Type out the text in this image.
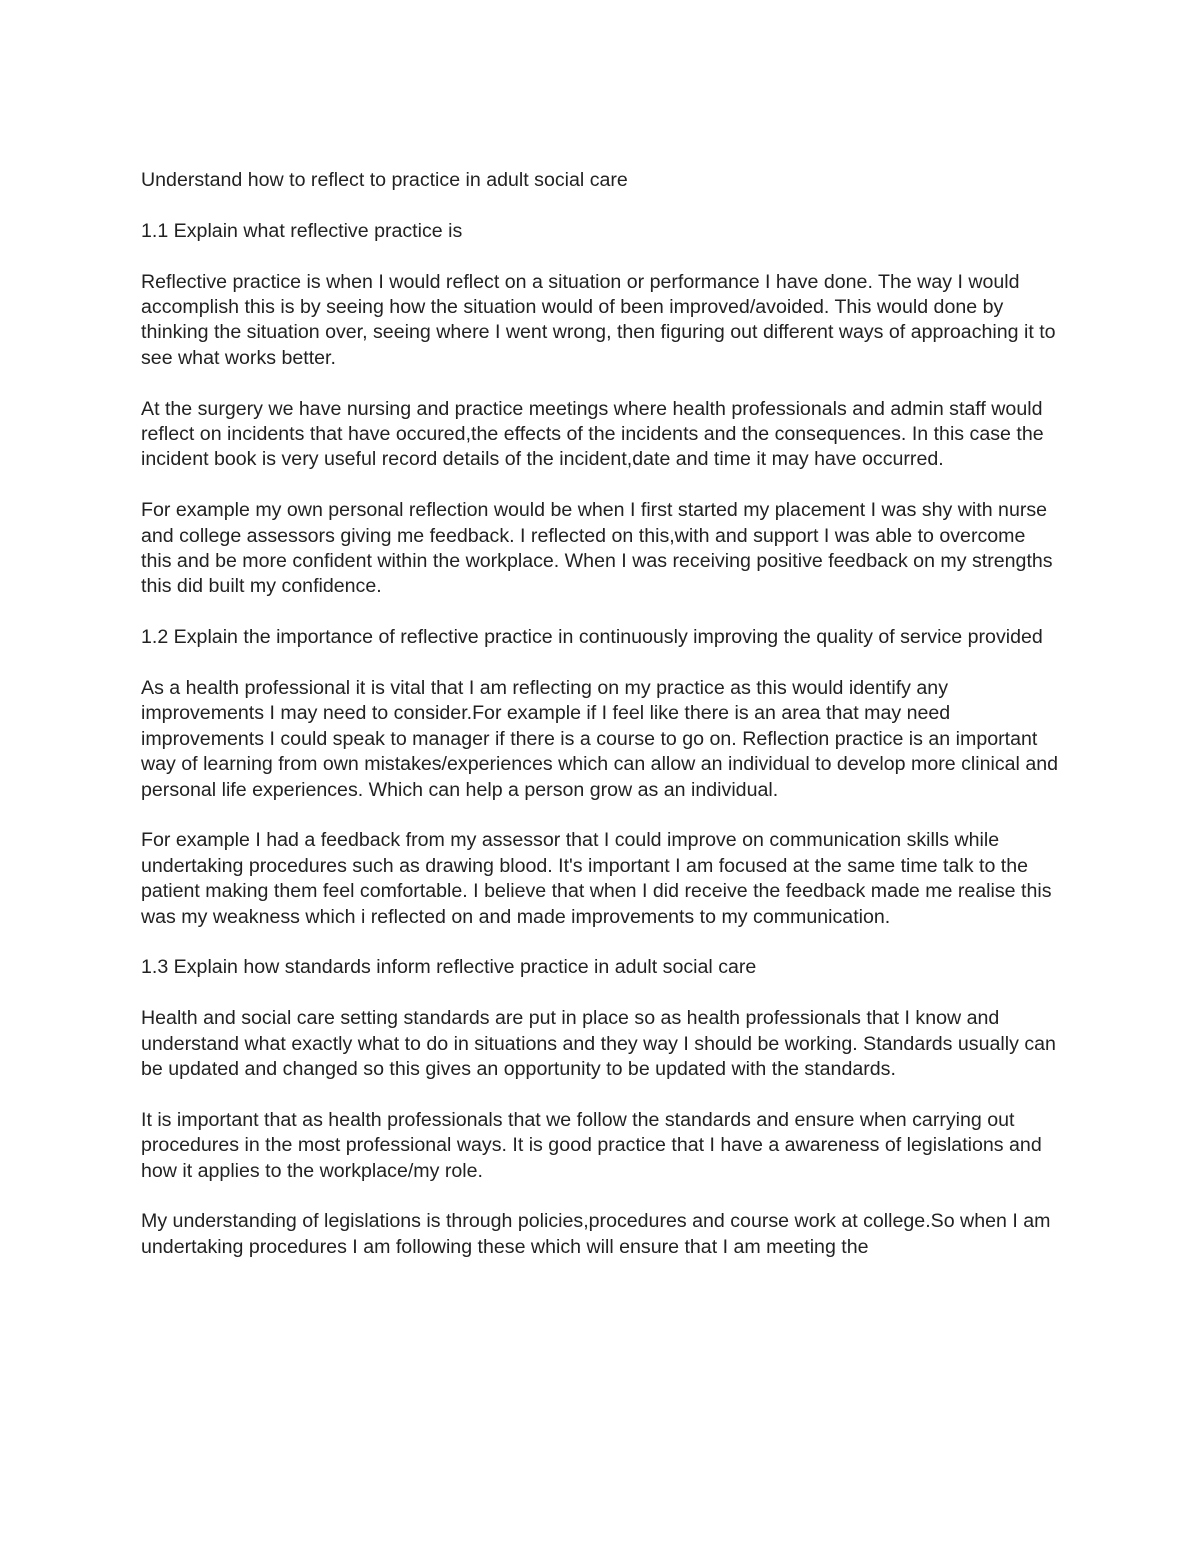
Understand how to reflect to practice in adult social care

1.1 Explain what reflective practice is

Reflective practice is when I would reflect on a situation or performance I have done. The way I would accomplish this is by seeing how the situation would of been improved/avoided. This would done by thinking the situation over, seeing where I went wrong, then figuring out different ways of approaching it to see what works better.

At the surgery we have nursing and practice meetings where health professionals and admin staff would reflect on incidents that have occured,the effects of the incidents and the consequences. In this case the incident book is very useful record details of the incident,date and time it may have occurred.

For example my own personal reflection would be when I first started my placement I was shy with nurse and college assessors giving me feedback. I reflected on this,with and support I was able to overcome this and be more confident within the workplace. When I was receiving positive feedback on my strengths this did built my confidence.

1.2 Explain the importance of reflective practice in continuously improving the quality of service provided

As a health professional it is vital that I am reflecting on my practice as this would identify any improvements I may need to consider.For example if I feel like there is an area that may need improvements I could speak to manager if there is a course to go on. Reflection practice is an important way of learning from own mistakes/experiences which can allow an individual to develop more clinical and personal life experiences. Which can help a person grow as an individual.

For example I had a feedback from my assessor that I could improve on communication skills while undertaking procedures such as drawing blood. It's important I am focused at the same time talk to the patient making them feel comfortable. I believe that when I did receive the feedback made me realise this was my weakness which i reflected on and made improvements to my communication.

1.3 Explain how standards inform reflective practice in adult social care

Health and social care setting standards are put in place so as health professionals that I know and understand what exactly what to do in situations and they way I should be working. Standards usually can be updated and changed so this gives an opportunity to be updated with the standards.

It is important that as health professionals that we follow the standards and ensure when carrying out procedures in the most professional ways. It is good practice that I have a awareness of legislations and how it applies to the workplace/my role.

My understanding of legislations is through policies,procedures and course work at college.So when I am undertaking procedures I am following these which will ensure that I am meeting the
